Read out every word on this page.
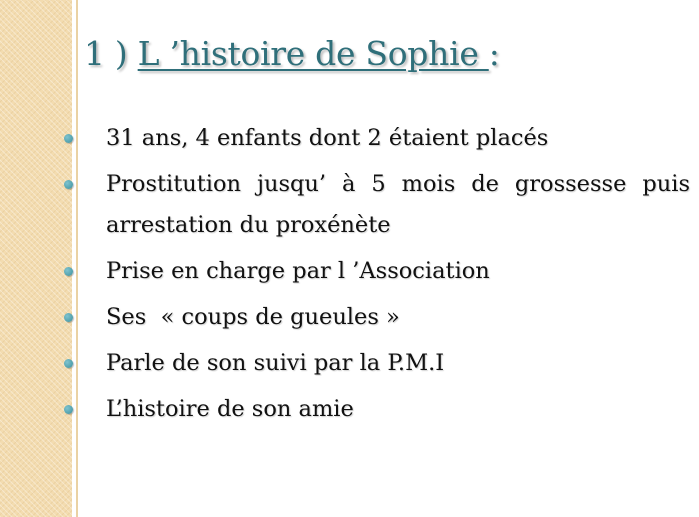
1 ) L ’histoire de Sophie :
31 ans, 4 enfants dont 2 étaient placés
Prostitution jusqu’ à 5 mois de grossesse puis
arrestation du proxénète
Prise en charge par l ’Association
Ses  « coups de gueules »
Parle de son suivi par la P.M.I
L’histoire de son amie
